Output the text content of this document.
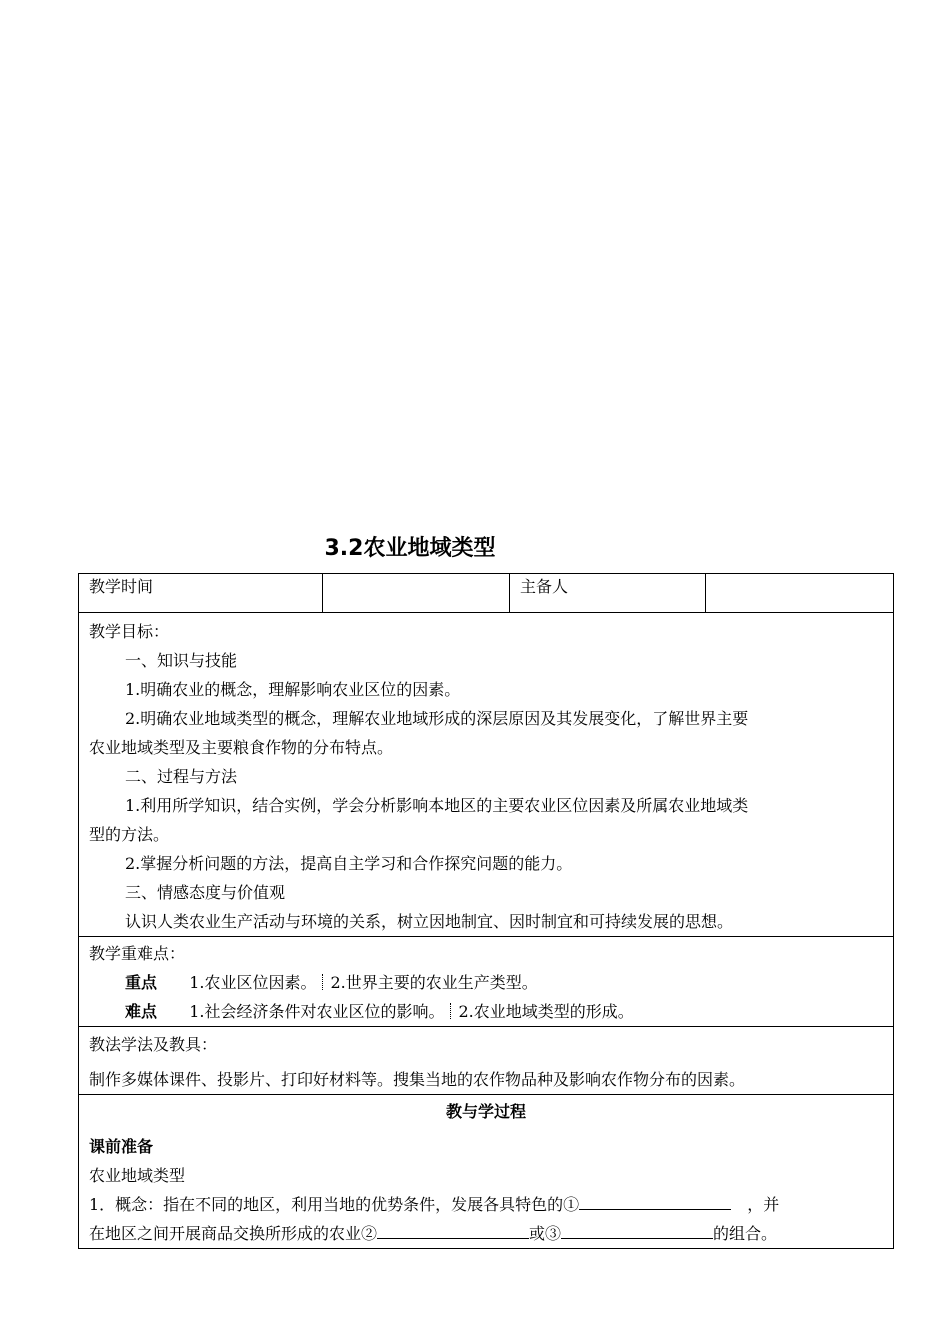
3.2农业地域类型
教学时间		主备人	

教学目标：
一、知识与技能
1.明确农业的概念，理解影响农业区位的因素。
2.明确农业地域类型的概念，理解农业地域形成的深层原因及其发展变化，了解世界主要
农业地域类型及主要粮食作物的分布特点。
二、过程与方法
1.利用所学知识，结合实例，学会分析影响本地区的主要农业区位因素及所属农业地域类
型的方法。
2.掌握分析问题的方法，提高自主学习和合作探究问题的能力。
三、情感态度与价值观
认识人类农业生产活动与环境的关系，树立因地制宜、因时制宜和可持续发展的思想。

教学重难点：
重点 1.农业区位因素。 2.世界主要的农业生产类型。
难点 1.社会经济条件对农业区位的影响。 2.农业地域类型的形成。

教法学法及教具：
制作多媒体课件、投影片、打印好材料等。搜集当地的农作物品种及影响农作物分布的因素。

教与学过程
课前准备
农业地域类型
1．概念：指在不同的地区，利用当地的优势条件，发展各具特色的①	，并
在地区之间开展商品交换所形成的农业②	或③	的组合。
